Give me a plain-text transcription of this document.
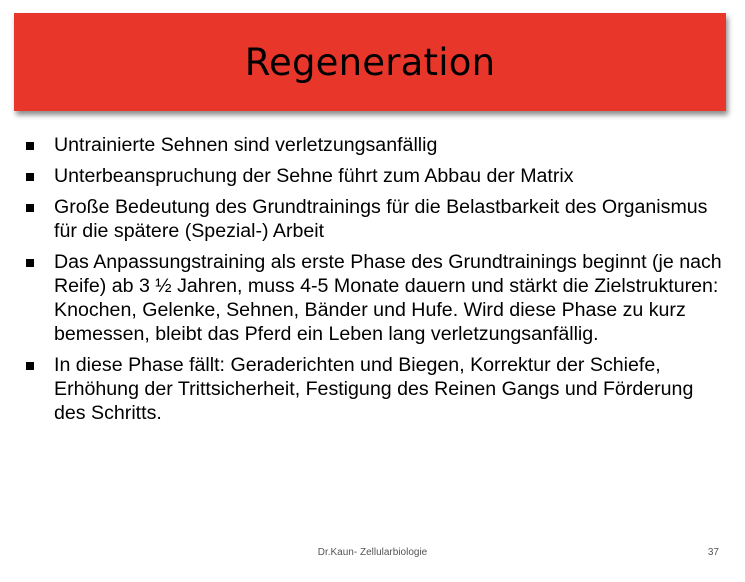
Regeneration
Untrainierte Sehnen sind verletzungsanfällig
Unterbeanspruchung der Sehne führt zum Abbau der Matrix
Große Bedeutung des Grundtrainings für die Belastbarkeit des Organismus für die spätere (Spezial-) Arbeit
Das Anpassungstraining als erste Phase des Grundtrainings beginnt (je nach Reife) ab 3 ½ Jahren, muss 4-5 Monate dauern und stärkt die Zielstrukturen: Knochen, Gelenke, Sehnen, Bänder und Hufe. Wird diese Phase zu kurz bemessen, bleibt das Pferd ein Leben lang verletzungsanfällig.
In diese Phase fällt: Geraderichten und Biegen, Korrektur der Schiefe, Erhöhung der Trittsicherheit, Festigung des Reinen Gangs und Förderung des Schritts.
Dr.Kaun- Zellularbiologie	37
